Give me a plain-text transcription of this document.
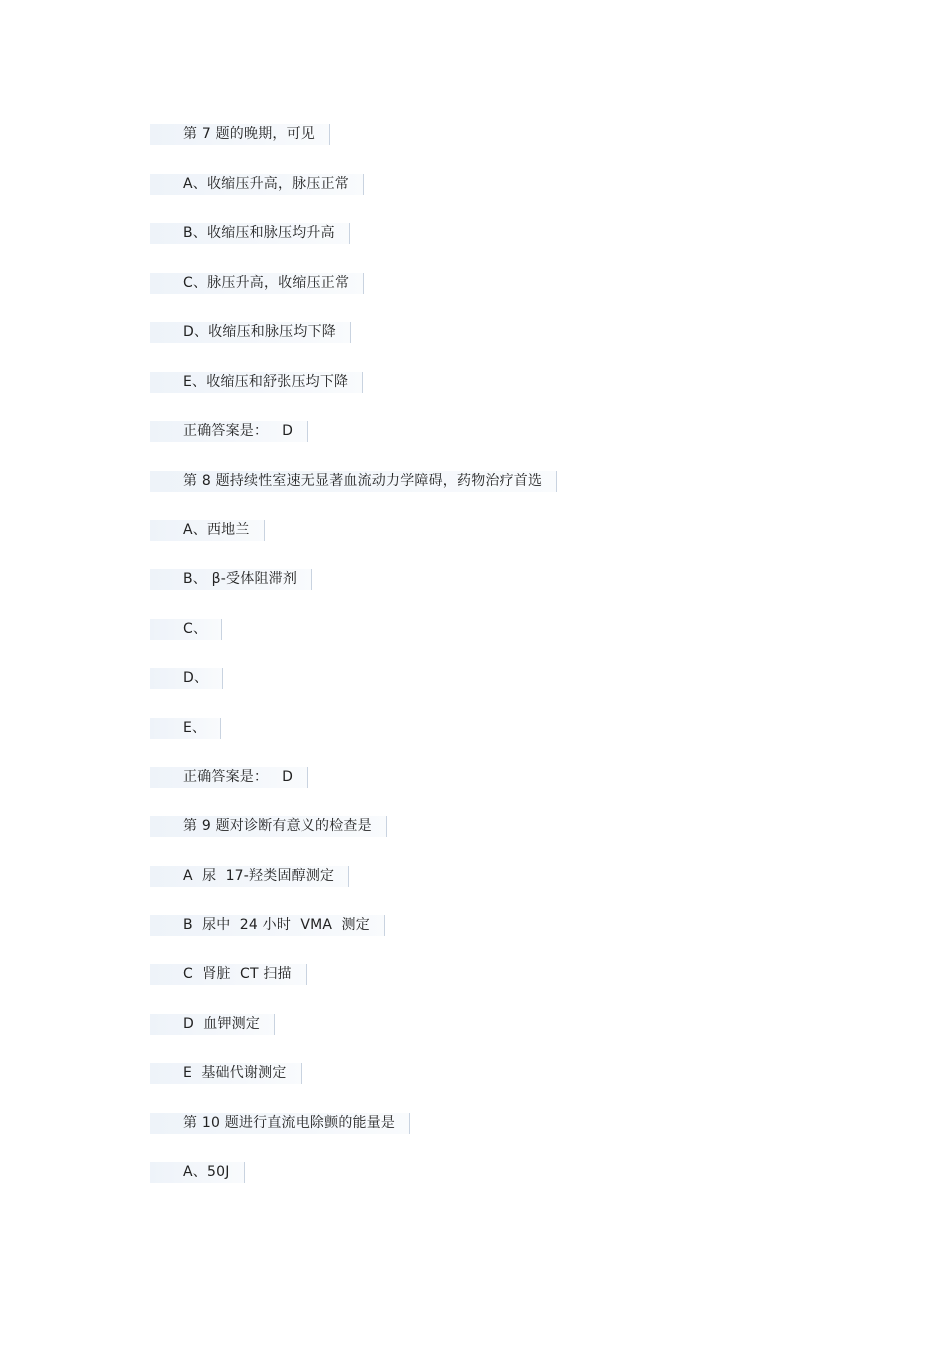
第 7 题的晚期，可见
A、收缩压升高，脉压正常
B、收缩压和脉压均升高
C、脉压升高，收缩压正常
D、收缩压和脉压均下降
E、收缩压和舒张压均下降
正确答案是：   D
第 8 题持续性室速无显著血流动力学障碍，药物治疗首选
A、西地兰
B、 β-受体阻滞剂
C、
D、
E、
正确答案是：   D
第 9 题对诊断有意义的检查是
A  尿  17-羟类固醇测定
B  尿中  24 小时  VMA  测定
C  肾脏  CT 扫描
D  血钾测定
E  基础代谢测定
第 10 题进行直流电除颤的能量是
A、50J
